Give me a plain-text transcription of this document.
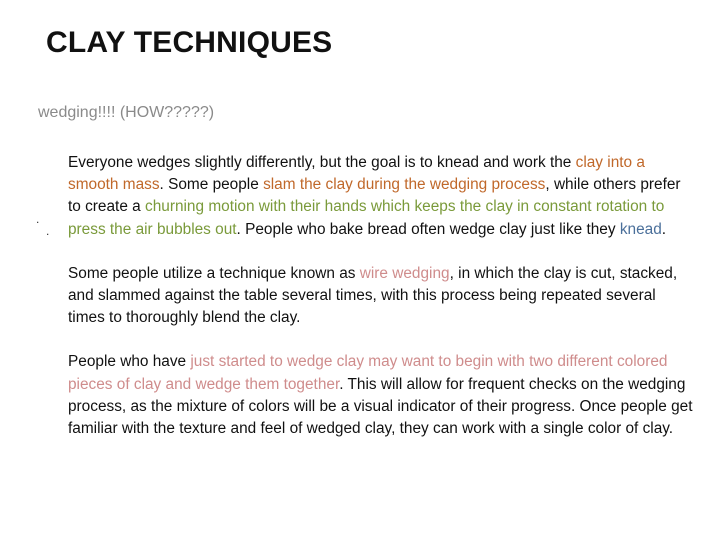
CLAY TECHNIQUES
wedging!!!! (HOW?????)
.
.

Everyone wedges slightly differently, but the goal is to knead and work the clay into a smooth mass. Some people slam the clay during the wedging process, while others prefer to create a churning motion with their hands which keeps the clay in constant rotation to press the air bubbles out. People who bake bread often wedge clay just like they knead.

Some people utilize a technique known as wire wedging, in which the clay is cut, stacked, and slammed against the table several times, with this process being repeated several times to thoroughly blend the clay.

People who have just started to wedge clay may want to begin with two different colored pieces of clay and wedge them together. This will allow for frequent checks on the wedging process, as the mixture of colors will be a visual indicator of their progress. Once people get familiar with the texture and feel of wedged clay, they can work with a single color of clay.
